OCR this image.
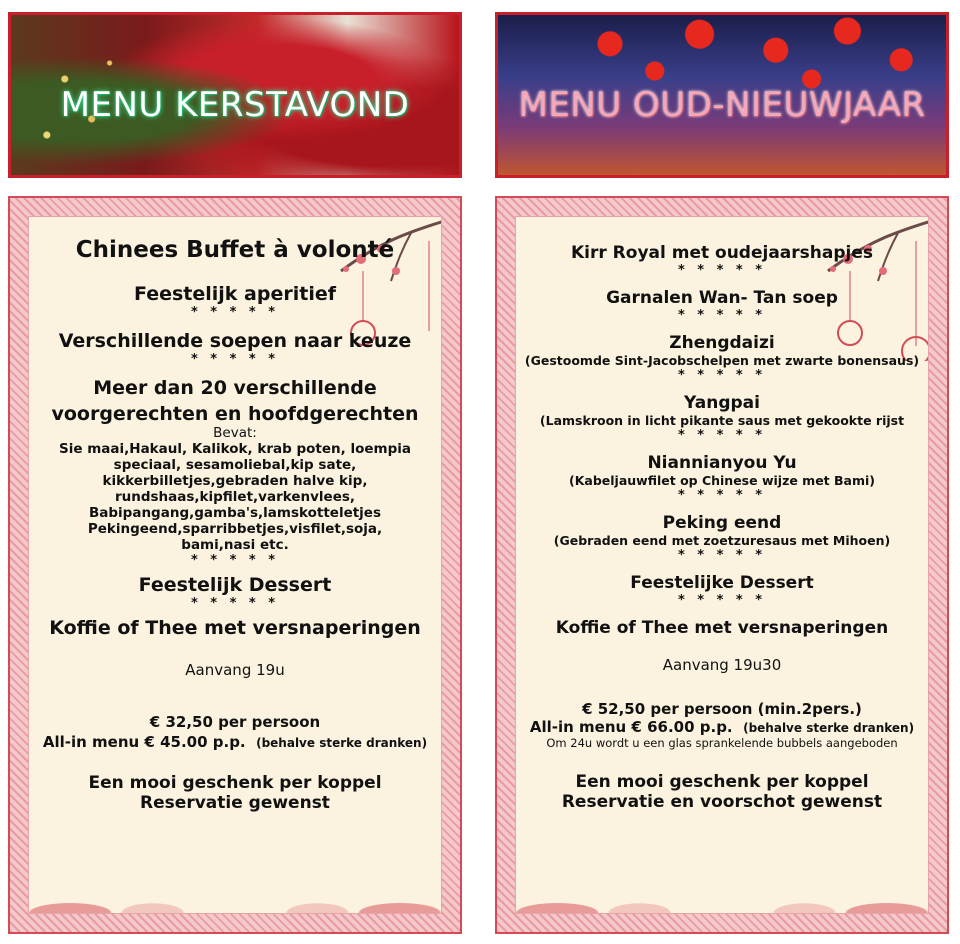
MENU KERSTAVOND
Chinees Buffet à volonté
Feestelijk aperitief
* * * * *
Verschillende soepen naar keuze
* * * * *
Meer dan 20 verschillende
voorgerechten en hoofdgerechten
Bevat:
Sie maai,Hakaul, Kalikok, krab poten, loempia
speciaal, sesamoliebal,kip sate,
kikkerbilletjes,gebraden halve kip,
rundshaas,kipfilet,varkenvlees,
Babipangang,gamba's,lamskotteletjes
Pekingeend,sparribbetjes,visfilet,soja,
bami,nasi etc.
* * * * *
Feestelijk Dessert
* * * * *
Koffie of Thee met versnaperingen
Aanvang 19u
€ 32,50 per persoon
All-in menu € 45.00 p.p. (behalve sterke dranken)
Een mooi geschenk per koppel
Reservatie gewenst
MENU OUD-NIEUWJAAR
Kirr Royal met oudejaarshapjes
* * * * *
Garnalen Wan- Tan soep
* * * * *
Zhengdaizi
(Gestoomde Sint-Jacobschelpen met zwarte bonensaus)
* * * * *
Yangpai
(Lamskroon in licht pikante saus met gekookte rijst
* * * * *
Niannianyou Yu
(Kabeljauwfilet op Chinese wijze met Bami)
* * * * *
Peking eend
(Gebraden eend met zoetzuresaus met Mihoen)
* * * * *
Feestelijke Dessert
* * * * *
Koffie of Thee met versnaperingen
Aanvang 19u30
€ 52,50 per persoon (min.2pers.)
All-in menu € 66.00 p.p. (behalve sterke dranken)
Om 24u wordt u een glas sprankelende bubbels aangeboden
Een mooi geschenk per koppel
Reservatie en voorschot gewenst
